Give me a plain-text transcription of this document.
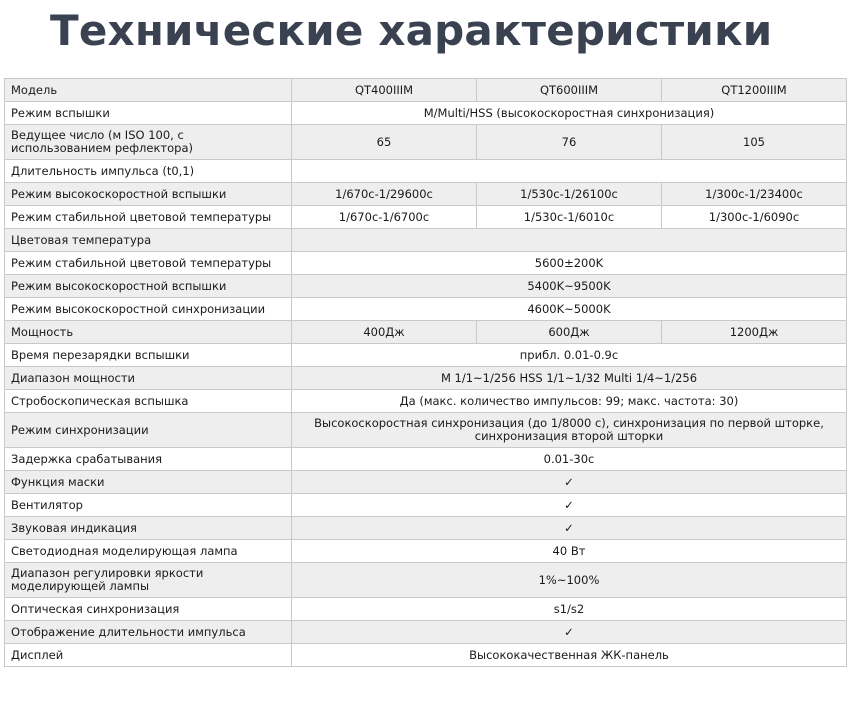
Технические характеристики
Модель	QT400IIIM	QT600IIIM	QT1200IIIM
Режим вспышки	M/Multi/HSS (высокоскоростная синхронизация)		
Ведущее число (м ISO 100, с использованием рефлектора)	65	76	105
Длительность импульса (t0,1)			
Режим высокоскоростной вспышки	1/670c-1/29600c	1/530c-1/26100c	1/300c-1/23400c
Режим стабильной цветовой температуры	1/670c-1/6700c	1/530c-1/6010c	1/300c-1/6090c
Цветовая температура			
Режим стабильной цветовой температуры	5600±200K		
Режим высокоскоростной вспышки	5400K~9500K		
Режим высокоскоростной синхронизации	4600K~5000K		
Мощность	400Дж	600Дж	1200Дж
Время перезарядки вспышки	прибл. 0.01-0.9с		
Диапазон мощности	M 1/1~1/256 HSS 1/1~1/32 Multi 1/4~1/256		
Стробоскопическая вспышка	Да (макс. количество импульсов: 99; макс. частота: 30)		
Режим синхронизации	Высокоскоростная синхронизация (до 1/8000 с), синхронизация по первой шторке, синхронизация второй шторки		
Задержка срабатывания	0.01-30с		
Функция маски	✓		
Вентилятор	✓		
Звуковая индикация	✓		
Светодиодная моделирующая лампа	40 Вт		
Диапазон регулировки яркости моделирующей лампы	1%~100%		
Оптическая синхронизация	s1/s2		
Отображение длительности импульса	✓		
Дисплей	Высококачественная ЖК-панель		
